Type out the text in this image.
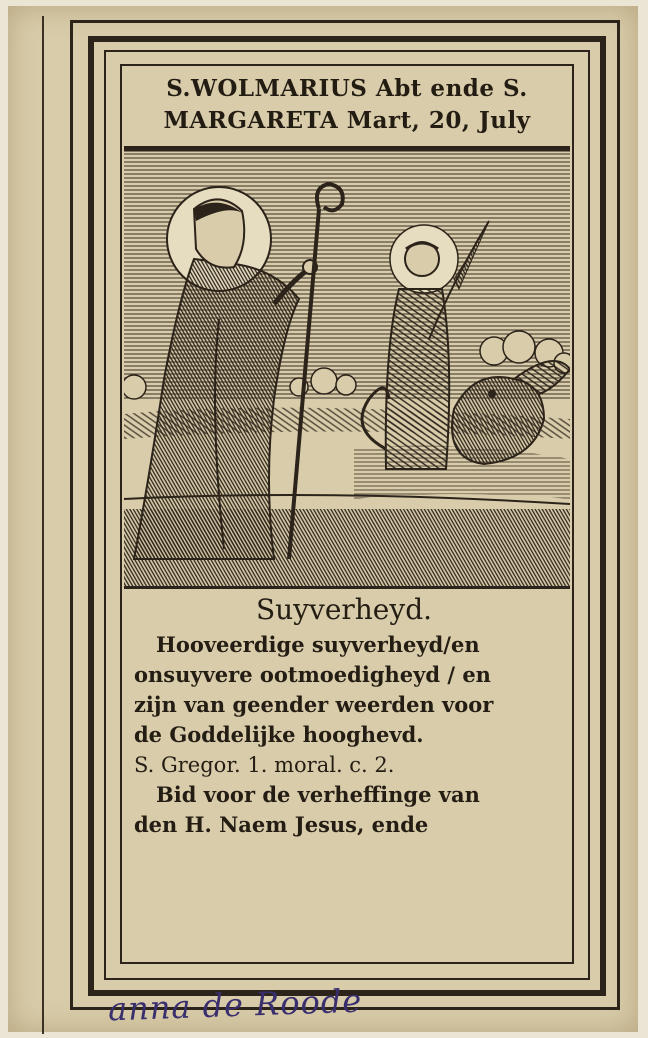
S.WOLMARIUS Abt ende S.
MARGARETA Mart, 20, July
Suyverheyd.
Hooveerdige suyverheyd/en
onsuyvere ootmoedigheyd / en
zijn van geender weerden voor
de Goddelijke hooghevd.
S. Gregor. 1. moral. c. 2.
Bid voor de verheffinge van
den H. Naem Jesus, ende
anna de Roode
